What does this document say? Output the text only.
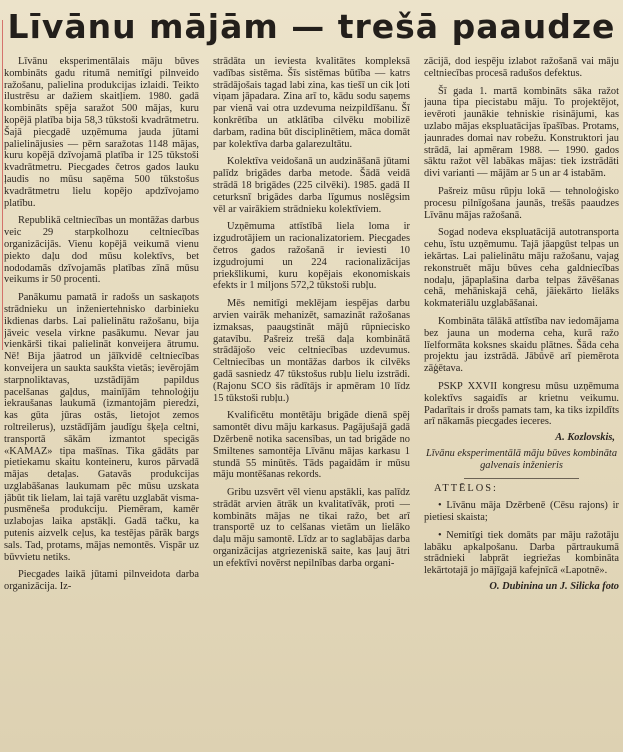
Līvānu mājām — trešā paaudze

Līvānu eksperimentālais māju būves kombināts gadu ritumā nemitīgi pilnveido ražošanu, palielina produkcijas izlaidi. Teikto ilustrēsu ar dažiem skaitļiem. 1980. gadā kombināts spēja saražot 500 mājas, kuru kopējā platība bija 58,3 tūkstoši kvadrātmetru. Šajā piecgadē uzņēmuma jauda jūtami palielinājusies — pērn saražotas 1148 mājas, kuru kopējā dzīvojamā platība ir 125 tūkstoši kvadrātmetru. Piecgades četros gados lauku ļaudis no mūsu saņēma 500 tūkstošus kvadrātmetru lielu kopējo apdzīvojamo platību.

Republikā celtniecības un montāžas darbus veic 29 starpkolhozu celtniecības organizācijās. Vienu kopējā veikumā vienu piekto daļu dod mūsu kolektīvs, bet nododamās dzīvojamās platības zīnā mūsu veikums ir 50 procenti.

Panākumu pamatā ir radošs un saskaņots strādnieku un inženiertehnisko darbinieku ikdienas darbs. Lai palielinātu ražošanu, bija jāveic vesela virkne pasākumu. Nevar jau vienkārši tikai palielināt konveijera ātrumu. Nē! Bija jāatrod un jāīkvidē celtniecības konveijera un saukta saukšta vietās; ievērojām starpnoliktavas, uzstādījām papildus pacelšanas gaļdus, mainījām tehnoloģiju iekraušanas laukumā (izmantojām pieredzi, kas gūta jūras ostās, lietojot zemos roltreilerus), uzstādījām jaudīgu šķeļa celtni, transportā sākām izmantot specigās «KAMAZ» tipa mašīnas. Tika gādāts par pietiekamu skaitu konteineru, kuros pārvadā mājas detaļas. Gatavās produkcijas uzglabāšanas laukumam pēc mūsu uzskata jābūt tik lielam, lai tajā varētu uzglabāt visma-pusmēneša produkciju. Piemēram, kamēr uzlabojas laika apstākļi. Gadā tačku, ka putenis aizvelk ceļus, ka testējas pārāk bargs sals. Tad, protams, mājas nemontēs. Vispār uz būvvietu netiks.

Piecgades laikā jūtami pilnveidota darba organizācija. Iz-

strādāta un ieviesta kvalitātes kompleksā vadības sistēma. Šīs sistēmas būtība — katrs strādājošais tagad labi zina, kas tiešī un cik ļoti viņam jāpadara. Zina arī to, kādu sodu saņems par vienā vai otra uzdevuma neizpildīšanu. Šī konkrētība un atklātība cilvēku mobilizē darbam, radina būt disciplinētiem, māca domāt par kolektīva darba galarezultātu.

Kolektīva veidošanā un audzināšanā jūtami palīdz brigādes darba metode. Šādā veidā strādā 18 brigādes (225 cilvēki). 1985. gadā II ceturksnī brigādes darba līgumus noslēgsim vēl ar vairākiem strādnieku kolektīviem.

Uzņēmuma attīstībā liela loma ir izgudrotājiem un racionalizatoriem. Piecgades četros gados ražošanā ir ieviesti 10 izgudrojumi un 224 racionalizācijas priekšlikumi, kuru kopējais ekonomiskais efekts ir 1 miljons 572,2 tūkstoši rubļu.

Mēs nemitīgi meklējam iespējas darbu arvien vairāk mehanizēt, samazināt ražošanas izmaksas, paaugstināt mājū rūpniecisko gatavību. Pašreiz trešā daļa kombinātā strādājošo veic celtniecības uzdevumus. Celtniecības un montāžas darbos ik cilvēks gadā sasniedz 47 tūkstošus rubļu lielu izstrādi. (Rajonu SCO šis rādītājs ir apmēram 10 līdz 15 tūkstoši rubļu.)

Kvalificētu montētāju brigāde dienā spēj samontēt divu māju karkasus. Pagājušajā gadā Dzērbenē notika sacensības, un tad brigāde no Smiltenes samontēja Līvānu mājas karkasu 1 stundā 55 minūtēs. Tāds pagaidām ir mūsu māju montēšanas rekords.

Gribu uzsvērt vēl vienu apstākli, kas palīdz strādāt arvien ātrāk un kvalitatīvāk, proti — kombināts mājas ne tikai ražo, bet arī transportē uz to celšanas vietām un lielāko daļu māju samontē. Līdz ar to saglabājas darba organizācijas atgriezeniskā saite, kas ļauj ātri un efektīvi novērst nepilnības darba organi-

zācijā, dod iespēju izlabot ražošanā vai māju celtniecības procesā radušos defektus.

Šī gada 1. martā kombināts sāka ražot jauna tipa piecistabu māju. To projektējot, ievēroti jaunākie tehniskie risinājumi, kas uzlabo mājas ekspluatācijas īpašības. Protams, jaunrades domai nav robežu. Konstruktori jau strādā, lai apmēram 1988. — 1990. gados sāktu ražot vēl labākas mājas: tiek izstrādāti divi varianti — mājām ar 5 un ar 4 istabām.

Pašreiz mūsu rūpju lokā — tehnoloģisko procesu pilnīgošana jaunās, trešās paaudzes Līvānu mājas ražošanā.

Sogad nodeva ekspluatācijā autotransporta cehu, īstu uzņēmumu. Tajā jāapgūst telpas un iekārtas. Lai palielinātu māju ražošanu, vajag rekonstruēt māju būves ceha galdniecības nodaļu, jāpaplašina darba telpas žāvēšanas cehā, mehāniskajā cehā, jāiekārto lielāks kokmateriālu uzglabāšanai.

Kombināta tālākā attīstība nav iedomājama bez jauna un moderna ceha, kurā ražo līelformāta koksnes skaidu plātnes. Šāda ceha projektu jau izstrādā. Jābūvē arī piemērota zāģētava.

PSKP XXVII kongresu mūsu uzņēmuma kolektīvs sagaidīs ar krietnu veikumu. Padarītais ir drošs pamats tam, ka tiks izpildīts arī nākamās piecgades ieceres.

A. Kozlovskis,

Līvānu eksperimentālā māju būves kombināta galvenais inženieris

ATTĒLOS:

• Līvānu māja Dzērbenē (Cēsu rajons) ir pietiesi skaista;

• Nemitīgi tiek domāts par māju ražotāju labāku apkalpošanu. Darba pārtraukumā strādnieki labprāt iegriežas kombināta lekārtotajā jo mājīgajā kafejnīcā «Lapotnē».

O. Dubinina un J. Silicka foto
